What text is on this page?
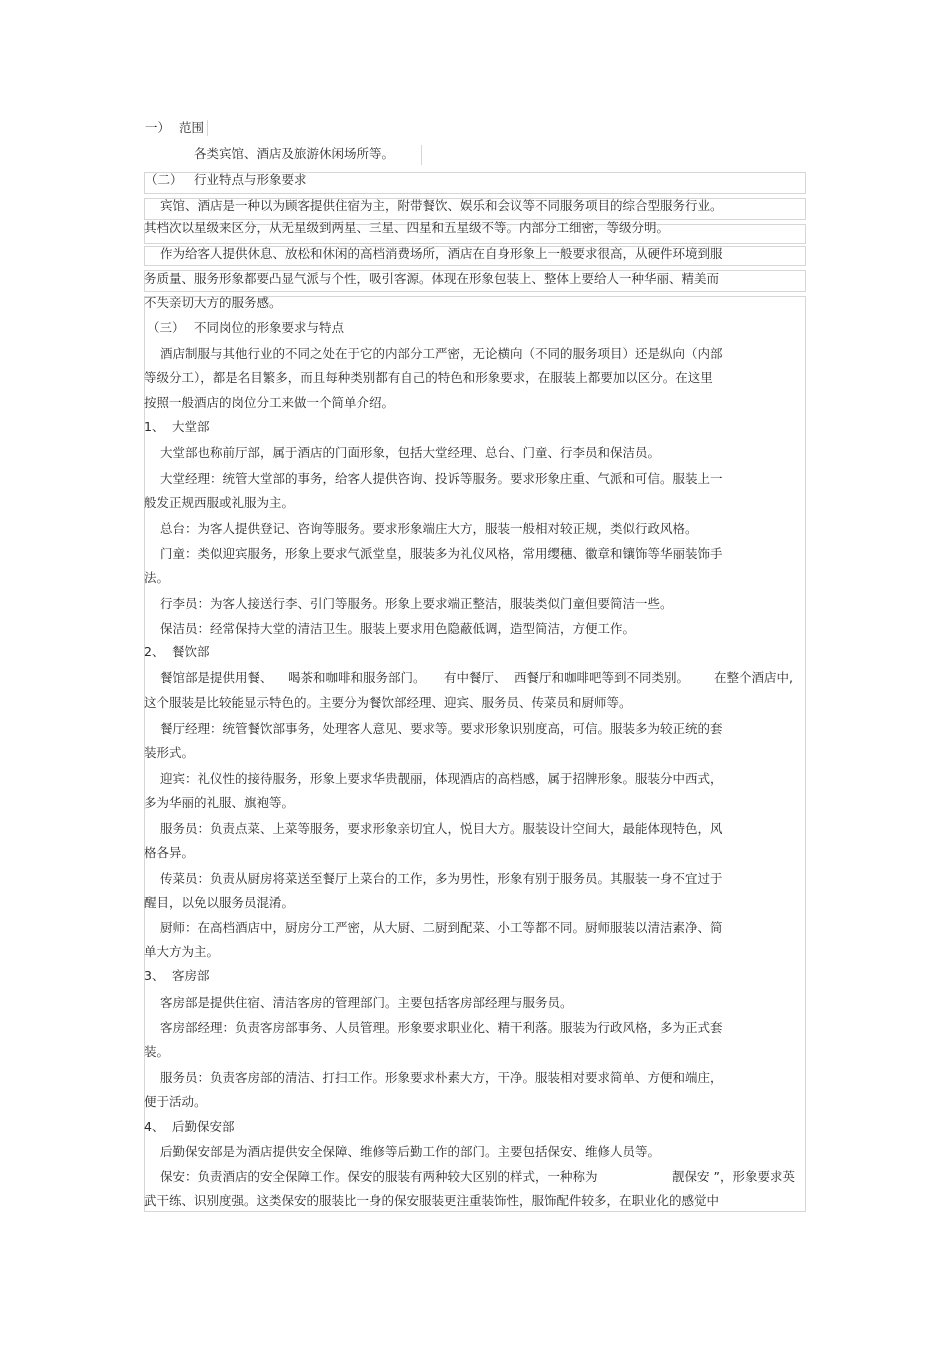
一） 范围

各类宾馆、酒店及旅游休闲场所等。

（二） 行业特点与形象要求

宾馆、酒店是一种以为顾客提供住宿为主，附带餐饮、娱乐和会议等不同服务项目的综合型服务行业。

其档次以星级来区分，从无星级到两星、三星、四星和五星级不等。内部分工细密，等级分明。

作为给客人提供休息、放松和休闲的高档消费场所，酒店在自身形象上一般要求很高，从硬件环境到服

务质量、服务形象都要凸显气派与个性，吸引客源。体现在形象包装上、整体上要给人一种华丽、精美而

不失亲切大方的服务感。

（三） 不同岗位的形象要求与特点

酒店制服与其他行业的不同之处在于它的内部分工严密，无论横向（不同的服务项目）还是纵向（内部

等级分工），都是名目繁多，而且每种类别都有自己的特色和形象要求，在服装上都要加以区分。在这里

按照一般酒店的岗位分工来做一个简单介绍。

1、 大堂部

大堂部也称前厅部，属于酒店的门面形象，包括大堂经理、总台、门童、行李员和保洁员。

大堂经理：统管大堂部的事务，给客人提供咨询、投诉等服务。要求形象庄重、气派和可信。服装上一

般发正规西服或礼服为主。

总台：为客人提供登记、咨询等服务。要求形象端庄大方，服装一般相对较正规，类似行政风格。

门童：类似迎宾服务，形象上要求气派堂皇，服装多为礼仪风格，常用缨穗、徽章和镶饰等华丽装饰手

法。

行李员：为客人接送行李、引门等服务。形象上要求端正整洁，服装类似门童但要简洁一些。

保洁员：经常保持大堂的清洁卫生。服装上要求用色隐蔽低调，造型简洁，方便工作。

2、 餐饮部

餐馆部是提供用餐、 喝茶和咖啡和服务部门。 有中餐厅、 西餐厅和咖啡吧等到不同类别。 在整个酒店中,

这个服装是比较能显示特色的。主要分为餐饮部经理、迎宾、服务员、传菜员和厨师等。

餐厅经理：统管餐饮部事务，处理客人意见、要求等。要求形象识别度高，可信。服装多为较正统的套

装形式。

迎宾：礼仪性的接待服务，形象上要求华贵靓丽，体现酒店的高档感，属于招牌形象。服装分中西式，

多为华丽的礼服、旗袍等。

服务员：负责点菜、上菜等服务，要求形象亲切宜人，悦目大方。服装设计空间大，最能体现特色，风

格各异。

传菜员：负责从厨房将菜送至餐厅上菜台的工作，多为男性，形象有别于服务员。其服装一身不宜过于

醒目，以免以服务员混淆。

厨师：在高档酒店中，厨房分工严密，从大厨、二厨到配菜、小工等都不同。厨师服装以清洁素净、简

单大方为主。

3、 客房部

客房部是提供住宿、清洁客房的管理部门。主要包括客房部经理与服务员。

客房部经理：负责客房部事务、人员管理。形象要求职业化、精干利落。服装为行政风格，多为正式套

装。

服务员：负责客房部的清洁、打扫工作。形象要求朴素大方，干净。服装相对要求简单、方便和端庄，

便于活动。

4、 后勤保安部

后勤保安部是为酒店提供安全保障、维修等后勤工作的部门。主要包括保安、维修人员等。

保安：负责酒店的安全保障工作。保安的服装有两种较大区别的样式，一种称为	靓保安 ”，形象要求英

武干练、识别度强。这类保安的服装比一身的保安服装更注重装饰性，服饰配件较多，在职业化的感觉中
